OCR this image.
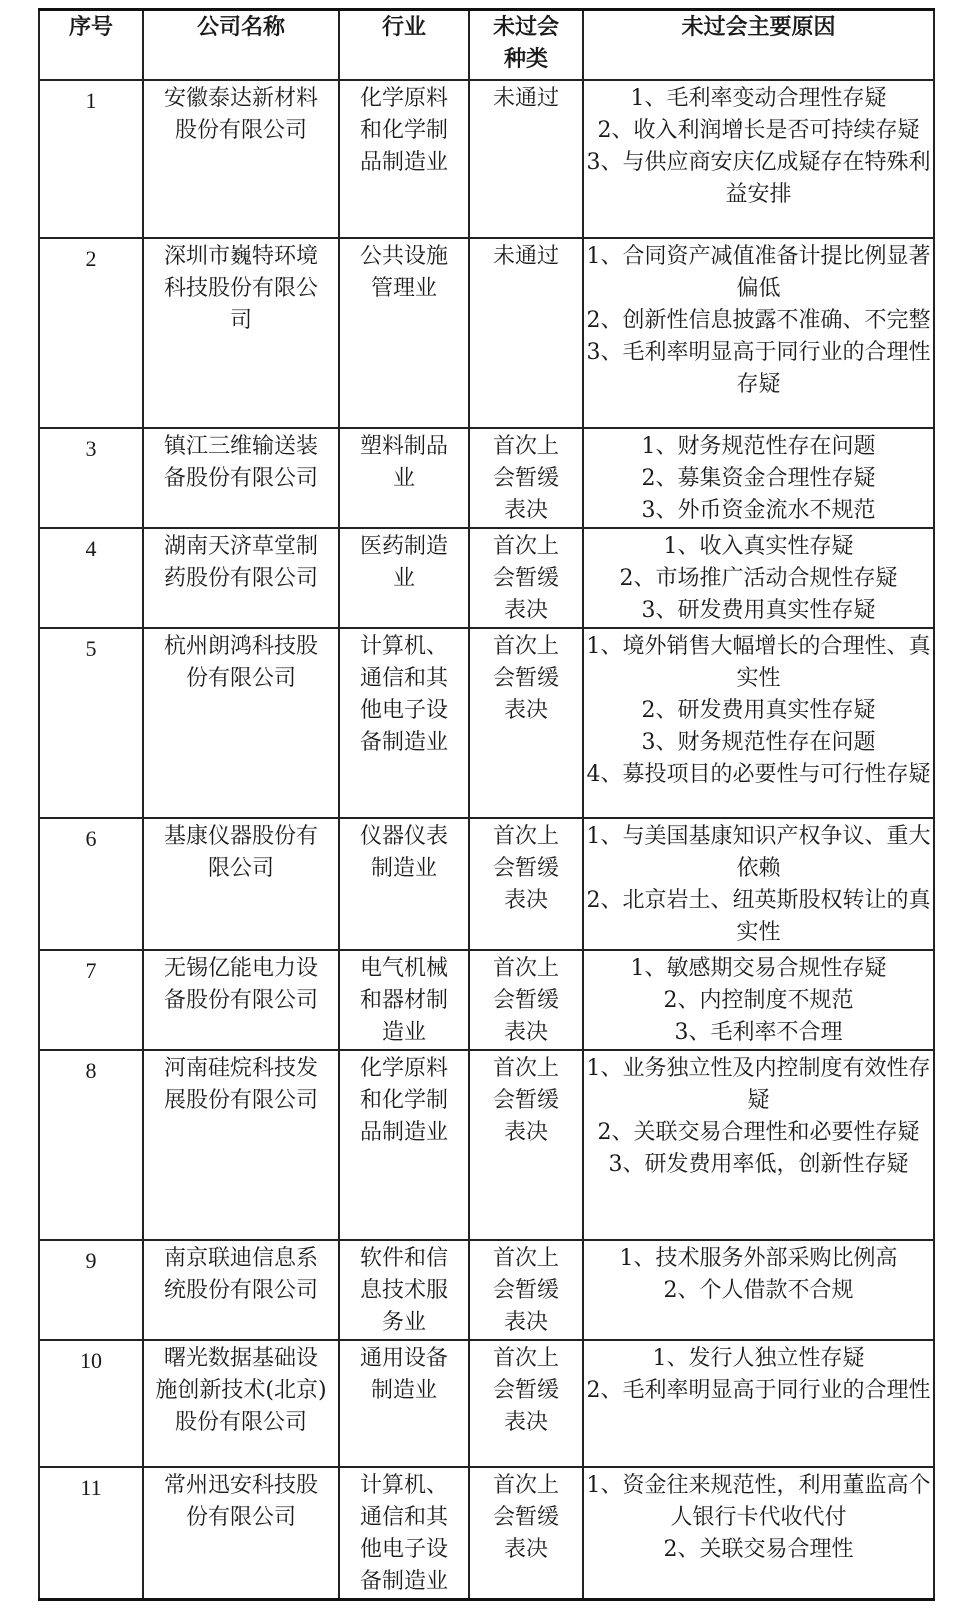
序号	公司名称	行业	未过会种类	未过会主要原因
1	安徽泰达新材料股份有限公司	化学原料和化学制品制造业	未通过	1、毛利率变动合理性存疑
2、收入利润增长是否可持续存疑
3、与供应商安庆亿成疑存在特殊利益安排

2	深圳市巍特环境科技股份有限公司	公共设施管理业	未通过	1、合同资产减值准备计提比例显著偏低
2、创新性信息披露不准确、不完整
3、毛利率明显高于同行业的合理性存疑

3	镇江三维输送装备股份有限公司	塑料制品业	首次上会暂缓表决	1、财务规范性存在问题
2、募集资金合理性存疑
3、外币资金流水不规范

4	湖南天济草堂制药股份有限公司	医药制造业	首次上会暂缓表决	1、收入真实性存疑
2、市场推广活动合规性存疑
3、研发费用真实性存疑

5	杭州朗鸿科技股份有限公司	计算机、通信和其他电子设备制造业	首次上会暂缓表决	1、境外销售大幅增长的合理性、真实性
2、研发费用真实性存疑
3、财务规范性存在问题
4、募投项目的必要性与可行性存疑

6	基康仪器股份有限公司	仪器仪表制造业	首次上会暂缓表决	1、与美国基康知识产权争议、重大依赖
2、北京岩土、纽英斯股权转让的真实性

7	无锡亿能电力设备股份有限公司	电气机械和器材制造业	首次上会暂缓表决	1、敏感期交易合规性存疑
2、内控制度不规范
3、毛利率不合理

8	河南硅烷科技发展股份有限公司	化学原料和化学制品制造业	首次上会暂缓表决	1、业务独立性及内控制度有效性存疑
2、关联交易合理性和必要性存疑
3、研发费用率低，创新性存疑

9	南京联迪信息系统股份有限公司	软件和信息技术服务业	首次上会暂缓表决	1、技术服务外部采购比例高
2、个人借款不合规

10	曙光数据基础设施创新技术(北京)股份有限公司	通用设备制造业	首次上会暂缓表决	1、发行人独立性存疑
2、毛利率明显高于同行业的合理性

11	常州迅安科技股份有限公司	计算机、通信和其他电子设备制造业	首次上会暂缓表决	1、资金往来规范性，利用董监高个人银行卡代收代付
2、关联交易合理性
